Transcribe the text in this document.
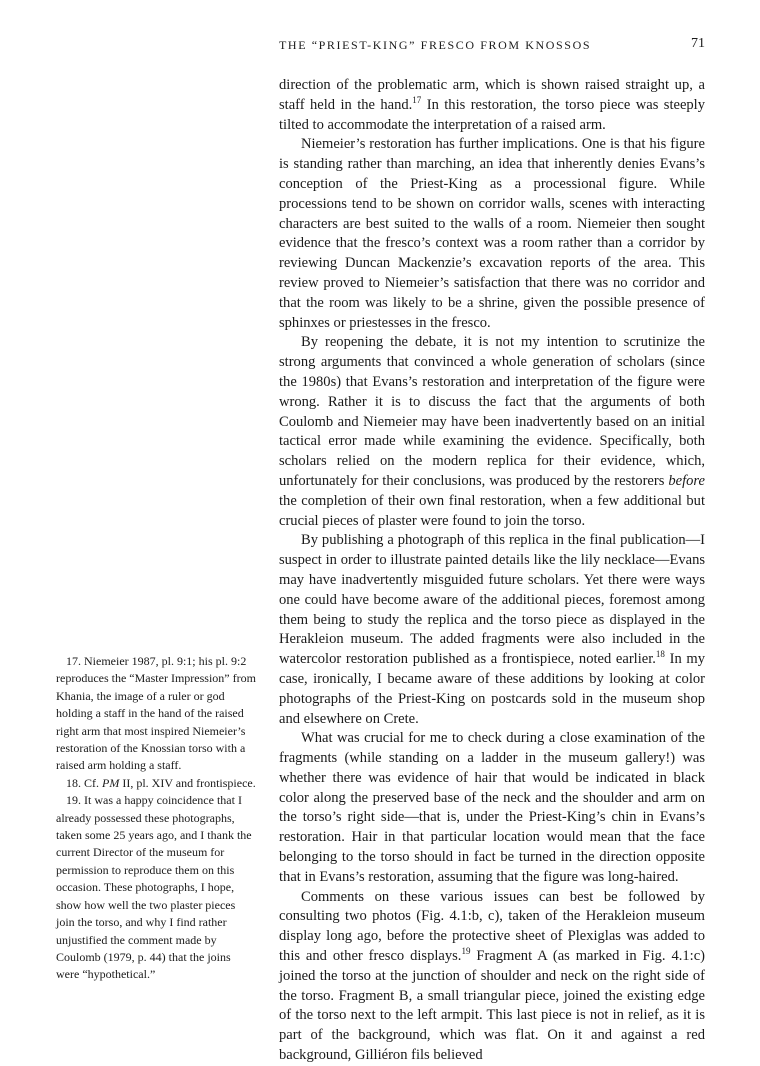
THE “PRIEST-KING” FRESCO FROM KNOSSOS	71

direction of the problematic arm, which is shown raised straight up, a staff held in the hand.$^{17}$ In this restoration, the torso piece was steeply tilted to accommodate the interpretation of a raised arm.

Niemeier’s restoration has further implications. One is that his figure is standing rather than marching, an idea that inherently denies Evans’s conception of the Priest-King as a processional figure. While processions tend to be shown on corridor walls, scenes with interacting characters are best suited to the walls of a room. Niemeier then sought evidence that the fresco’s context was a room rather than a corridor by reviewing Duncan Mackenzie’s excavation reports of the area. This review proved to Niemeier’s satisfaction that there was no corridor and that the room was likely to be a shrine, given the possible presence of sphinxes or priestesses in the fresco.

By reopening the debate, it is not my intention to scrutinize the strong arguments that convinced a whole generation of scholars (since the 1980s) that Evans’s restoration and interpretation of the figure were wrong. Rather it is to discuss the fact that the arguments of both Coulomb and Niemeier may have been inadvertently based on an initial tactical error made while examining the evidence. Specifically, both scholars relied on the modern replica for their evidence, which, unfortunately for their conclusions, was produced by the restorers before the completion of their own final restoration, when a few additional but crucial pieces of plaster were found to join the torso.

By publishing a photograph of this replica in the final publication—I suspect in order to illustrate painted details like the lily necklace—Evans may have inadvertently misguided future scholars. Yet there were ways one could have become aware of the additional pieces, foremost among them being to study the replica and the torso piece as displayed in the Herakleion museum. The added fragments were also included in the watercolor restoration published as a frontispiece, noted earlier.$^{18}$ In my case, ironically, I became aware of these additions by looking at color photographs of the Priest-King on postcards sold in the museum shop and elsewhere on Crete.

What was crucial for me to check during a close examination of the fragments (while standing on a ladder in the museum gallery!) was whether there was evidence of hair that would be indicated in black color along the preserved base of the neck and the shoulder and arm on the torso’s right side—that is, under the Priest-King’s chin in Evans’s restoration. Hair in that particular location would mean that the face belonging to the torso should in fact be turned in the direction opposite that in Evans’s restoration, assuming that the figure was long-haired.

Comments on these various issues can best be followed by consulting two photos (Fig. 4.1:b, c), taken of the Herakleion museum display long ago, before the protective sheet of Plexiglas was added to this and other fresco displays.$^{19}$ Fragment A (as marked in Fig. 4.1:c) joined the torso at the junction of shoulder and neck on the right side of the torso. Fragment B, a small triangular piece, joined the existing edge of the torso next to the left armpit. This last piece is not in relief, as it is part of the background, which was flat. On it and against a red background, Gilliéron fils believed

17. Niemeier 1987, pl. 9:1; his pl. 9:2 reproduces the “Master Impression” from Khania, the image of a ruler or god holding a staff in the hand of the raised right arm that most inspired Niemeier’s restoration of the Knossian torso with a raised arm holding a staff.

18. Cf. PM II, pl. XIV and frontispiece.

19. It was a happy coincidence that I already possessed these photographs, taken some 25 years ago, and I thank the current Director of the museum for permission to reproduce them on this occasion. These photographs, I hope, show how well the two plaster pieces join the torso, and why I find rather unjustified the comment made by Coulomb (1979, p. 44) that the joins were “hypothetical.”
